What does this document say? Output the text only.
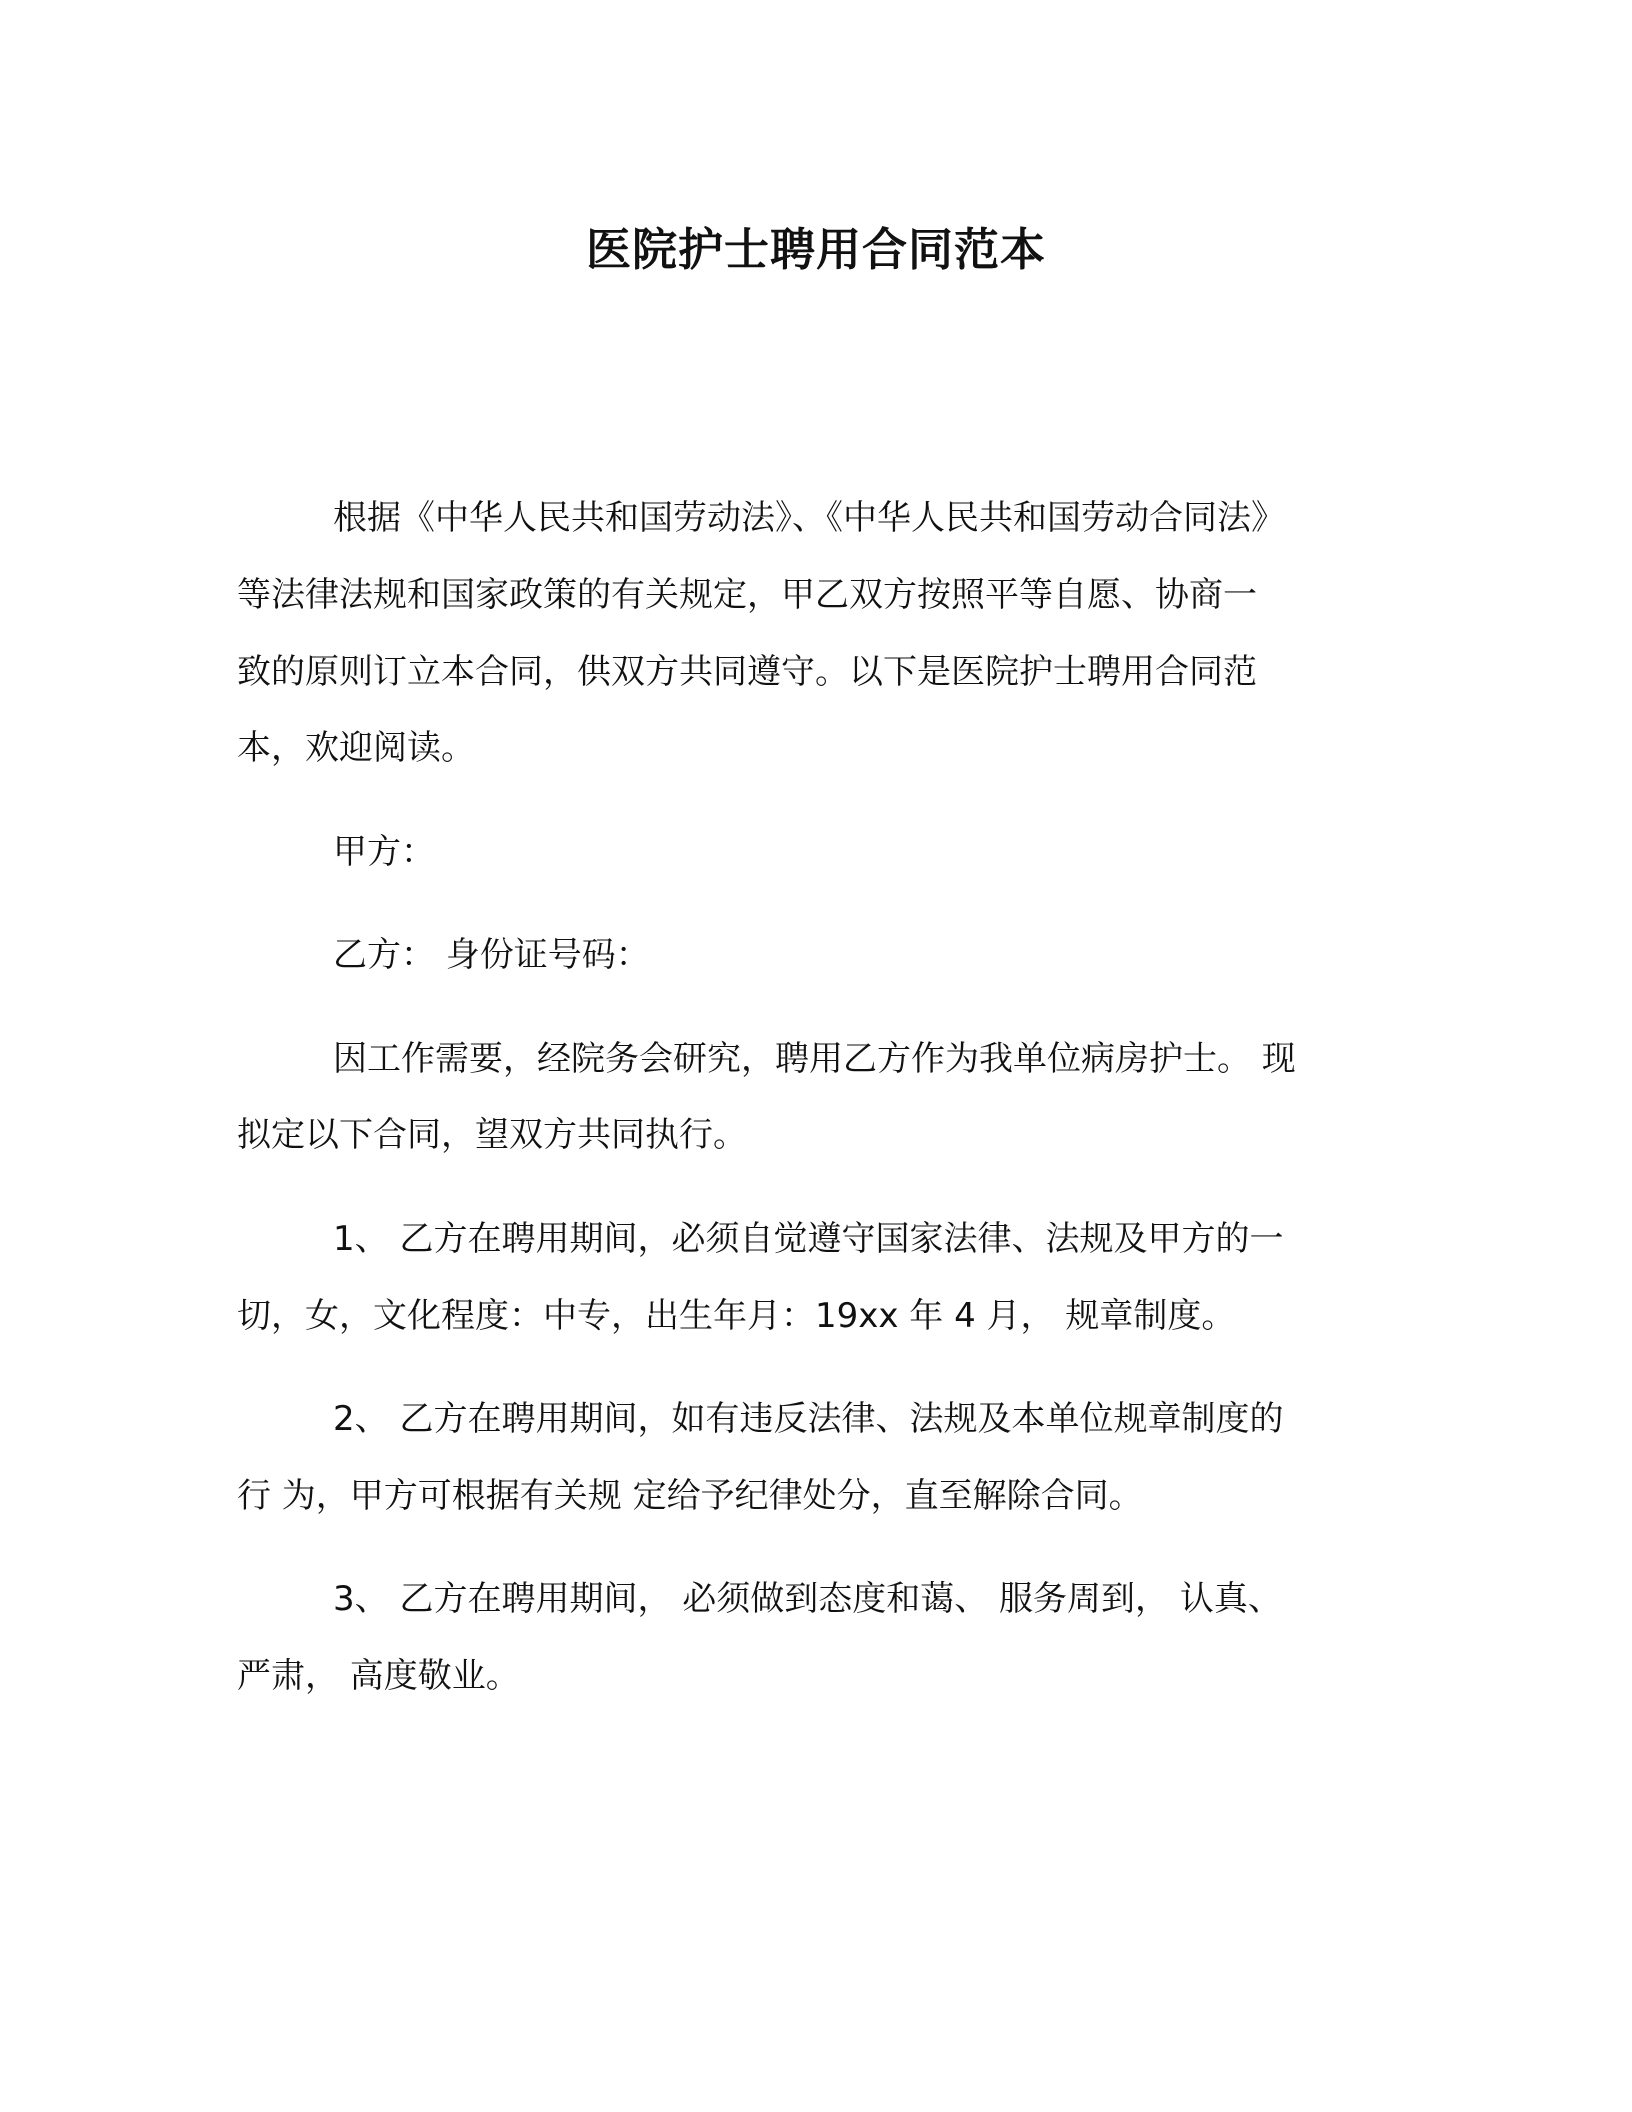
医院护士聘用合同范本

根据《中华人民共和国劳动法》、《中华人民共和国劳动合同法》

等法律法规和国家政策的有关规定，甲乙双方按照平等自愿、协商一

致的原则订立本合同，供双方共同遵守。以下是医院护士聘用合同范

本，欢迎阅读。

甲方：

乙方： 身份证号码：

因工作需要，经院务会研究，聘用乙方作为我单位病房护士。 现

拟定以下合同，望双方共同执行。

1、 乙方在聘用期间，必须自觉遵守国家法律、法规及甲方的一

切，女，文化程度：中专，出生年月：19xx 年 4 月， 规章制度。

2、 乙方在聘用期间，如有违反法律、法规及本单位规章制度的

行 为，甲方可根据有关规 定给予纪律处分，直至解除合同。

3、 乙方在聘用期间， 必须做到态度和蔼、 服务周到， 认真、

严肃， 高度敬业。
